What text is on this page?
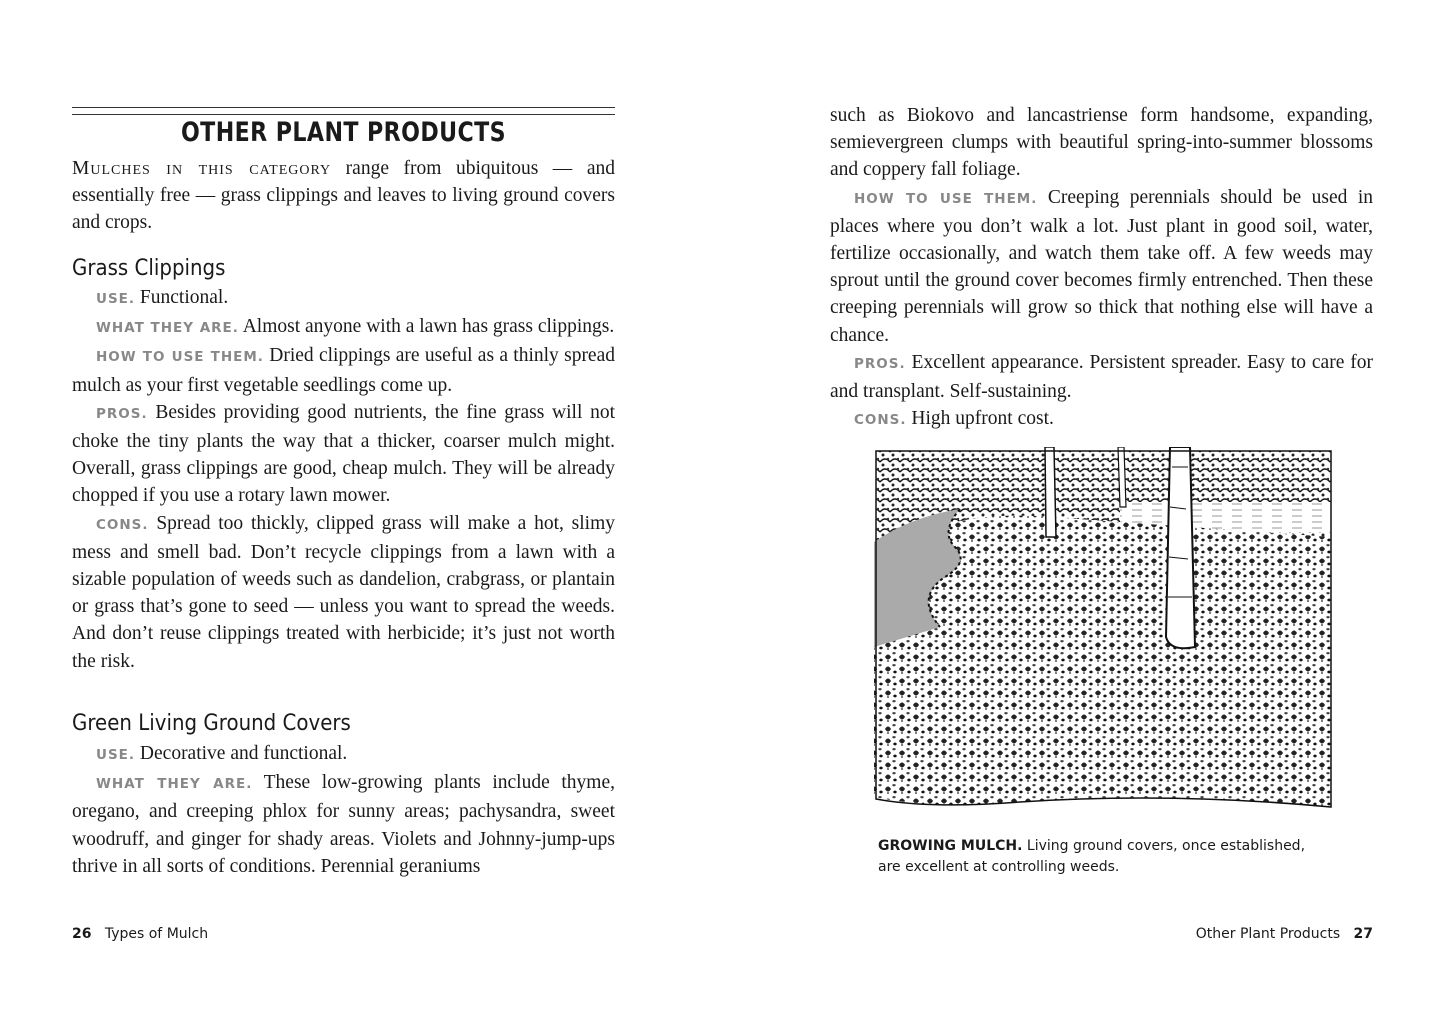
OTHER PLANT PRODUCTS

Mulches in this category range from ubiquitous — and essentially free — grass clippings and leaves to living ground covers and crops.

Grass Clippings

USE. Functional.

WHAT THEY ARE. Almost anyone with a lawn has grass clippings.

HOW TO USE THEM. Dried clippings are useful as a thinly spread mulch as your first vegetable seedlings come up.

PROS. Besides providing good nutrients, the fine grass will not choke the tiny plants the way that a thicker, coarser mulch might. Overall, grass clippings are good, cheap mulch. They will be already chopped if you use a rotary lawn mower.

CONS. Spread too thickly, clipped grass will make a hot, slimy mess and smell bad. Don’t recycle clippings from a lawn with a sizable population of weeds such as dandelion, crabgrass, or plantain or grass that’s gone to seed — unless you want to spread the weeds. And don’t reuse clippings treated with herbicide; it’s just not worth the risk.

Green Living Ground Covers

USE. Decorative and functional.

WHAT THEY ARE. These low-growing plants include thyme, oregano, and creeping phlox for sunny areas; pachysandra, sweet woodruff, and ginger for shady areas. Violets and Johnny-jump-ups thrive in all sorts of conditions. Perennial geraniums

26 Types of Mulch

such as Biokovo and lancastriense form handsome, expanding, semievergreen clumps with beautiful spring-into-summer blossoms and coppery fall foliage.

HOW TO USE THEM. Creeping perennials should be used in places where you don’t walk a lot. Just plant in good soil, water, fertilize occasionally, and watch them take off. A few weeds may sprout until the ground cover becomes firmly entrenched. Then these creeping perennials will grow so thick that nothing else will have a chance.

PROS. Excellent appearance. Persistent spreader. Easy to care for and transplant. Self-sustaining.

CONS. High upfront cost.

GROWING MULCH. Living ground covers, once established, are excellent at controlling weeds.

Other Plant Products 27
